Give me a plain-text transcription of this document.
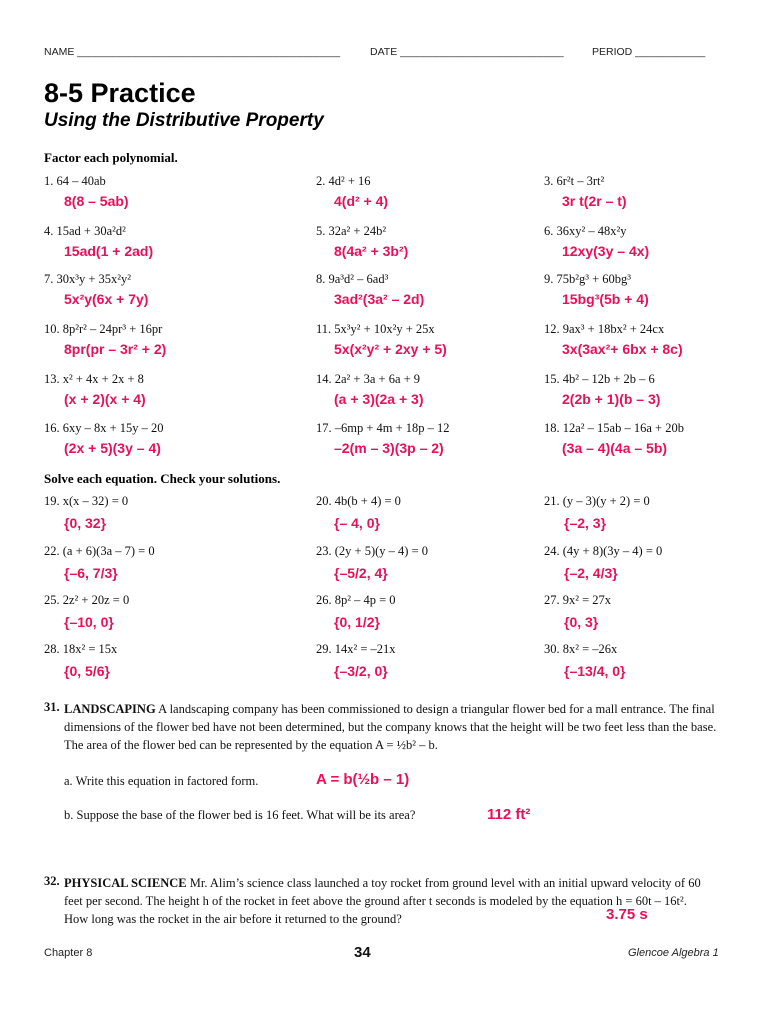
NAME _____________________________________________	DATE ____________________________	PERIOD ____________
8-5 Practice
Using the Distributive Property
Factor each polynomial.
1. 64 – 40ab
8(8 – 5ab)
2. 4d² + 16
4(d² + 4)
3. 6r²t – 3rt²
3r t(2r – t)
4. 15ad + 30a²d²
15ad(1 + 2ad)
5. 32a² + 24b²
8(4a² + 3b²)
6. 36xy² – 48x²y
12xy(3y – 4x)
7. 30x³y + 35x²y²
5x²y(6x + 7y)
8. 9a³d² – 6ad³
3ad²(3a² – 2d)
9. 75b²g³ + 60bg³
15bg³(5b + 4)
10. 8p²r² – 24pr³ + 16pr
8pr(pr – 3r² + 2)
11. 5x³y² + 10x²y + 25x
5x(x²y² + 2xy + 5)
12. 9ax³ + 18bx² + 24cx
3x(3ax²+ 6bx + 8c)
13. x² + 4x + 2x + 8
(x + 2)(x + 4)
14. 2a² + 3a + 6a + 9
(a + 3)(2a + 3)
15. 4b² – 12b + 2b – 6
2(2b + 1)(b – 3)
16. 6xy – 8x + 15y – 20
(2x + 5)(3y – 4)
17. –6mp + 4m + 18p – 12
–2(m – 3)(3p – 2)
18. 12a² – 15ab – 16a + 20b
(3a – 4)(4a – 5b)
Solve each equation. Check your solutions.
19. x(x – 32) = 0
{0, 32}
20. 4b(b + 4) = 0
{– 4, 0}
21. (y – 3)(y + 2) = 0
{–2, 3}
22. (a + 6)(3a – 7) = 0
{–6, 7/3}
23. (2y + 5)(y – 4) = 0
{–5/2, 4}
24. (4y + 8)(3y – 4) = 0
{–2, 4/3}
25. 2z² + 20z = 0
{–10, 0}
26. 8p² – 4p = 0
{0, 1/2}
27. 9x² = 27x
{0, 3}
28. 18x² = 15x
{0, 5/6}
29. 14x² = –21x
{–3/2, 0}
30. 8x² = –26x
{–13/4, 0}
31. LANDSCAPING A landscaping company has been commissioned to design a triangular flower bed for a mall entrance. The final dimensions of the flower bed have not been determined, but the company knows that the height will be two feet less than the base. The area of the flower bed can be represented by the equation A = ½b² – b.
a. Write this equation in factored form.	A = b(½b – 1)
b. Suppose the base of the flower bed is 16 feet. What will be its area?	112 ft²
32. PHYSICAL SCIENCE Mr. Alim’s science class launched a toy rocket from ground level with an initial upward velocity of 60 feet per second. The height h of the rocket in feet above the ground after t seconds is modeled by the equation h = 60t – 16t². How long was the rocket in the air before it returned to the ground?	3.75 s
Chapter 8	34	Glencoe Algebra 1
